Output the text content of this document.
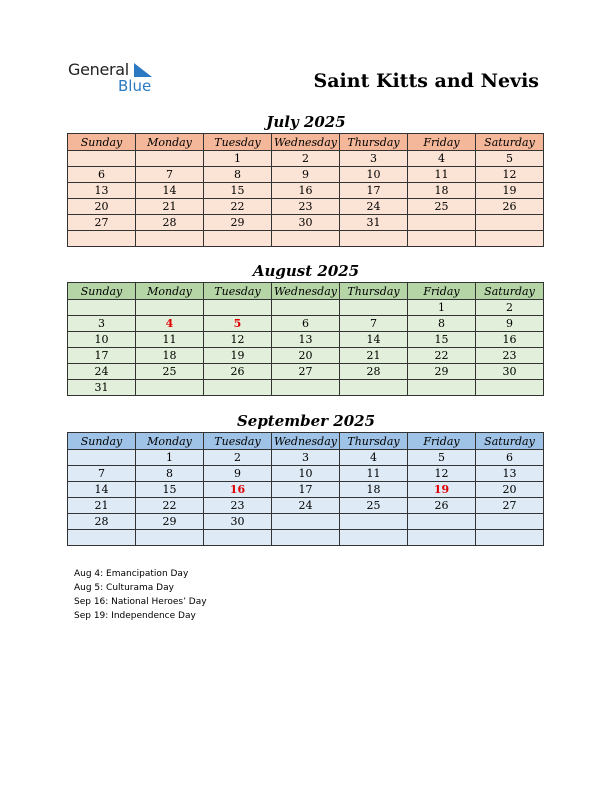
General
Blue	Saint Kitts and Nevis
July 2025
Sunday	Monday	Tuesday	Wednesday	Thursday	Friday	Saturday
		1	2	3	4	5
6	7	8	9	10	11	12
13	14	15	16	17	18	19
20	21	22	23	24	25	26
27	28	29	30	31		

August 2025
Sunday	Monday	Tuesday	Wednesday	Thursday	Friday	Saturday
					1	2
3	4	5	6	7	8	9
10	11	12	13	14	15	16
17	18	19	20	21	22	23
24	25	26	27	28	29	30
31						
September 2025
Sunday	Monday	Tuesday	Wednesday	Thursday	Friday	Saturday
	1	2	3	4	5	6
7	8	9	10	11	12	13
14	15	16	17	18	19	20
21	22	23	24	25	26	27
28	29	30				

Aug 4: Emancipation Day
Aug 5: Culturama Day
Sep 16: National Heroes’ Day
Sep 19: Independence Day
